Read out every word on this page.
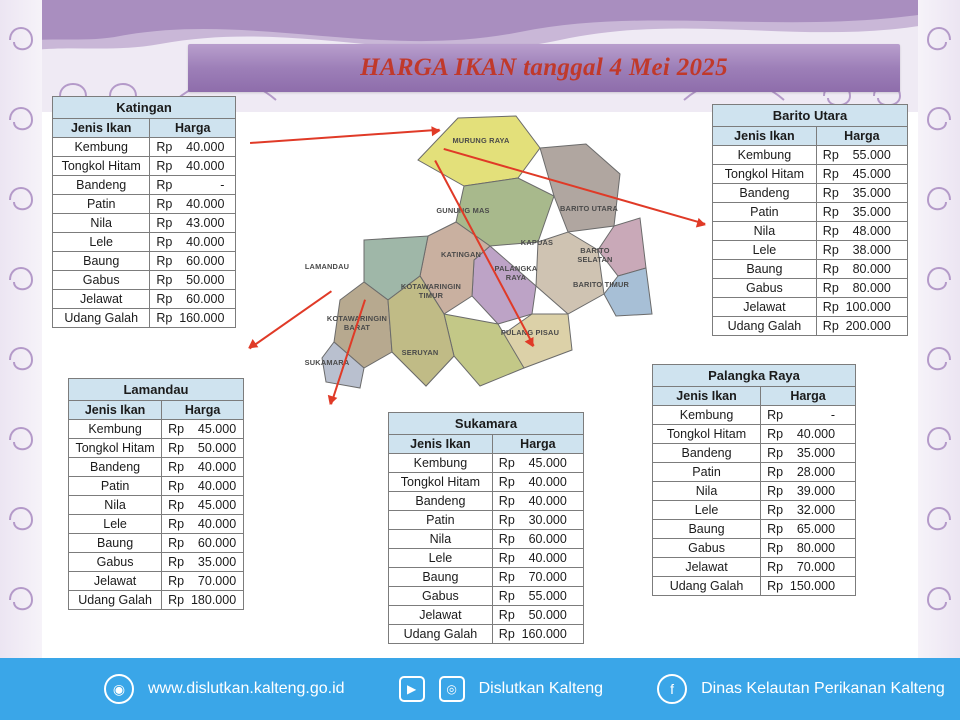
HARGA IKAN tanggal 4 Mei 2025
MURUNG RAYA
GUNUNG MAS	BARITO UTARA
KAPUAS
BARITO SELATAN
KATINGAN
PALANGKA RAYA
BARITO TIMUR
LAMANDAU
KOTAWARINGIN TIMUR
KOTAWARINGIN BARAT
PULANG PISAU
SERUYAN
SUKAMARA
Katingan	
Jenis Ikan	Harga
Kembung	Rp 40.000
Tongkol Hitam	Rp 40.000
Bandeng	Rp -
Patin	Rp 40.000
Nila	Rp 43.000
Lele	Rp 40.000
Baung	Rp 60.000
Gabus	Rp 50.000
Jelawat	Rp 60.000
Udang Galah	Rp 160.000
Barito Utara	
Jenis Ikan	Harga
Kembung	Rp 55.000
Tongkol Hitam	Rp 45.000
Bandeng	Rp 35.000
Patin	Rp 35.000
Nila	Rp 48.000
Lele	Rp 38.000
Baung	Rp 80.000
Gabus	Rp 80.000
Jelawat	Rp 100.000
Udang Galah	Rp 200.000
Lamandau	
Jenis Ikan	Harga
Kembung	Rp 45.000
Tongkol Hitam	Rp 50.000
Bandeng	Rp 40.000
Patin	Rp 40.000
Nila	Rp 45.000
Lele	Rp 40.000
Baung	Rp 60.000
Gabus	Rp 35.000
Jelawat	Rp 70.000
Udang Galah	Rp 180.000
Sukamara	
Jenis Ikan	Harga
Kembung	Rp 45.000
Tongkol Hitam	Rp 40.000
Bandeng	Rp 40.000
Patin	Rp 30.000
Nila	Rp 60.000
Lele	Rp 40.000
Baung	Rp 70.000
Gabus	Rp 55.000
Jelawat	Rp 50.000
Udang Galah	Rp 160.000
Palangka Raya	
Jenis Ikan	Harga
Kembung	Rp -
Tongkol Hitam	Rp 40.000
Bandeng	Rp 35.000
Patin	Rp 28.000
Nila	Rp 39.000
Lele	Rp 32.000
Baung	Rp 65.000
Gabus	Rp 80.000
Jelawat	Rp 70.000
Udang Galah	Rp 150.000
◉	www.dislutkan.kalteng.go.id	▶	◎	Dislutkan Kalteng	f	Dinas Kelautan Perikanan Kalteng
